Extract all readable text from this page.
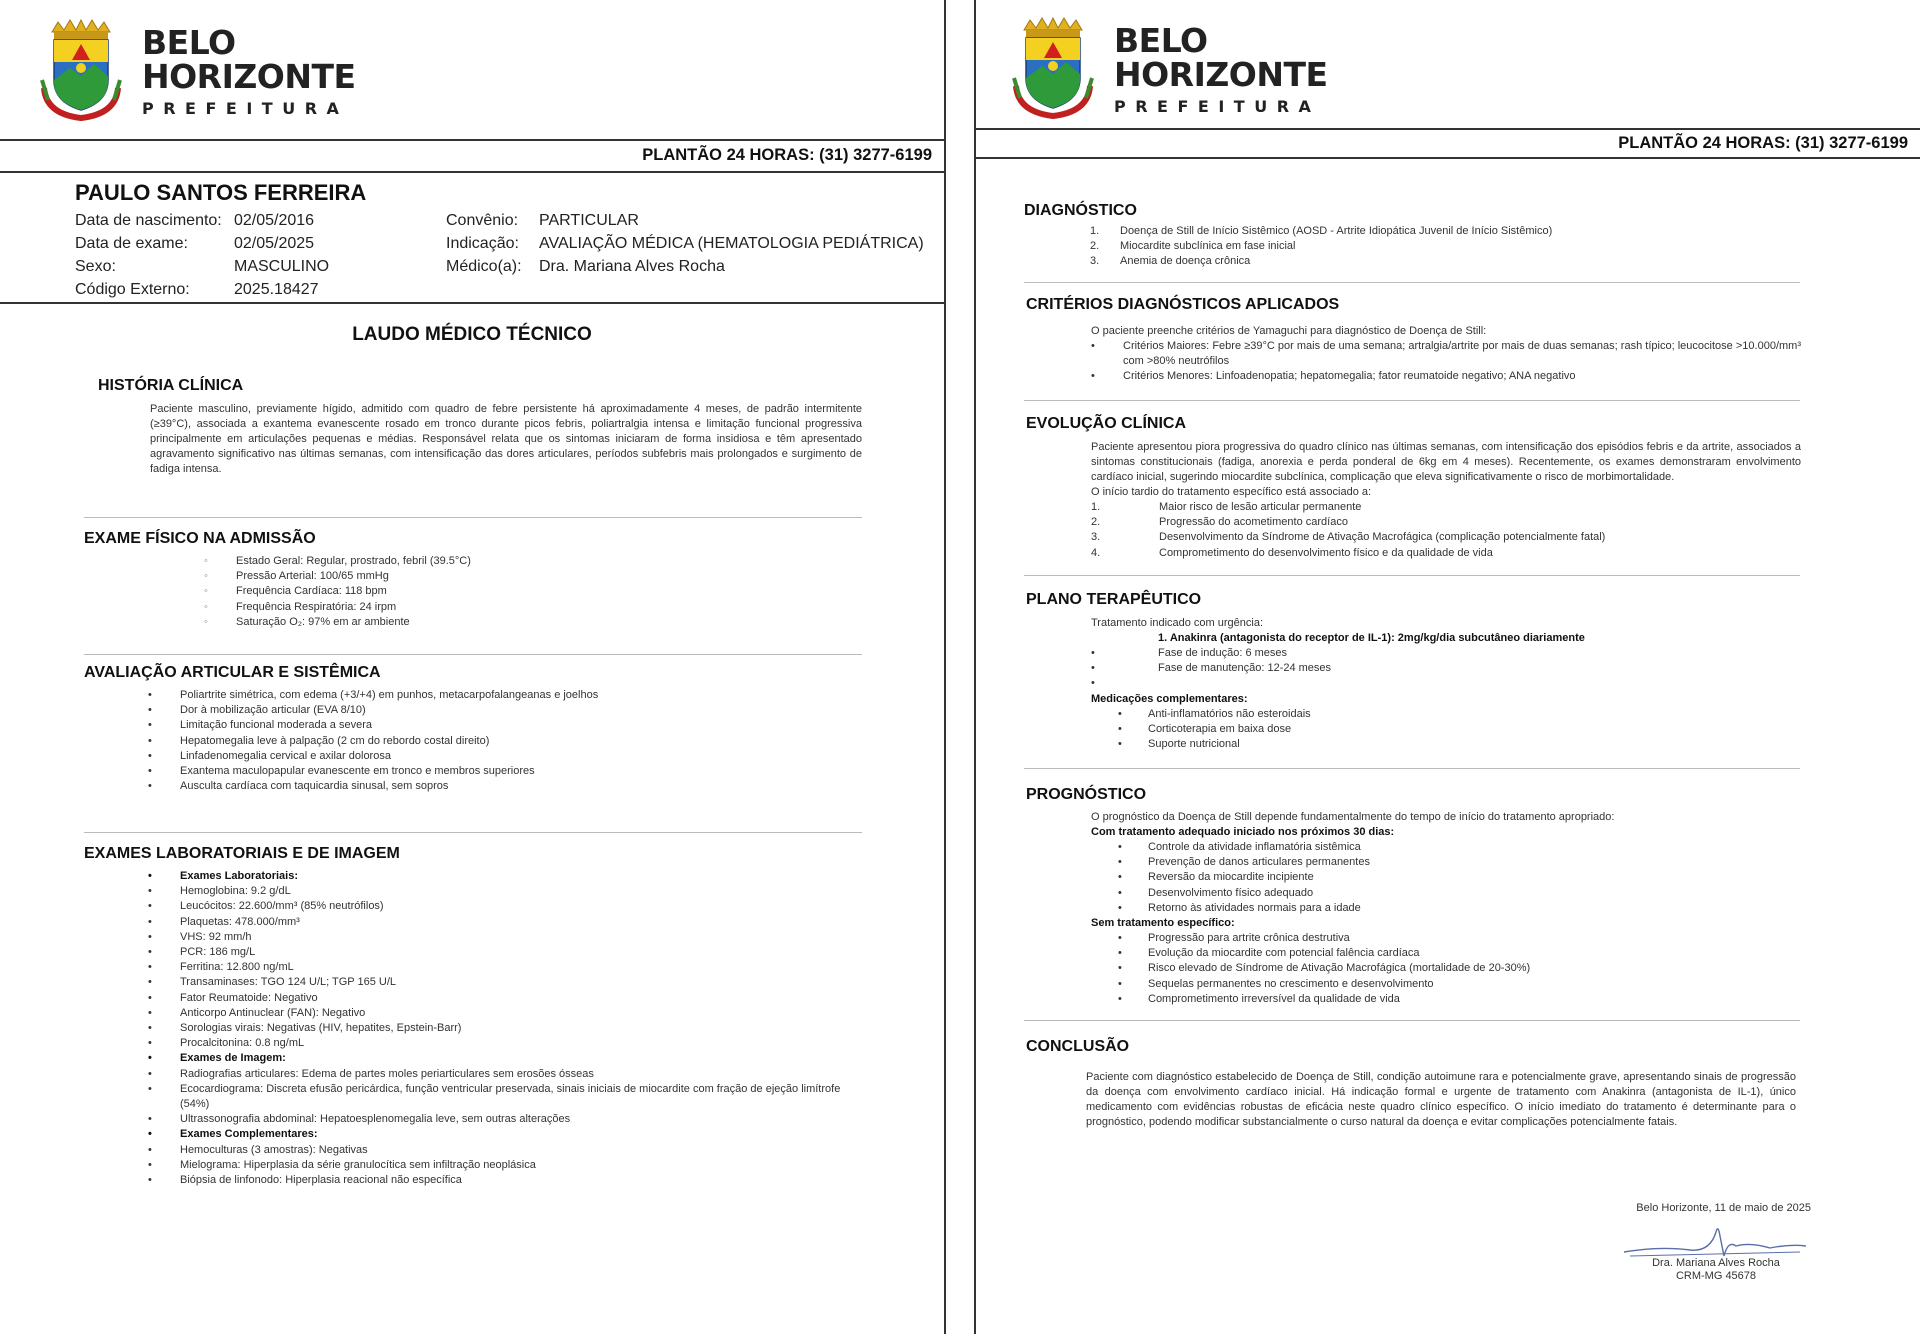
BELO
HORIZONTE
PREFEITURA
PLANTÃO 24 HORAS: (31) 3277-6199
PAULO SANTOS FERREIRA
Data de nascimento: 02/05/2016
Data de exame:	02/05/2025
Sexo:	MASCULINO
Código Externo:	2025.18427
Convênio:	PARTICULAR
Indicação:	AVALIAÇÃO MÉDICA (HEMATOLOGIA PEDIÁTRICA)
Médico(a):	Dra. Mariana Alves Rocha
LAUDO MÉDICO TÉCNICO
HISTÓRIA CLÍNICA
Paciente masculino, previamente hígido, admitido com quadro de febre persistente há aproximadamente 4 meses, de padrão intermitente (≥39°C), associada a exantema evanescente rosado em tronco durante picos febris, poliartralgia intensa e limitação funcional progressiva principalmente em articulações pequenas e médias. Responsável relata que os sintomas iniciaram de forma insidiosa e têm apresentado agravamento significativo nas últimas semanas, com intensificação das dores articulares, períodos subfebris mais prolongados e surgimento de fadiga intensa.
EXAME FÍSICO NA ADMISSÃO
◦ Estado Geral: Regular, prostrado, febril (39.5°C)
◦ Pressão Arterial: 100/65 mmHg
◦ Frequência Cardíaca: 118 bpm
◦ Frequência Respiratória: 24 irpm
◦ Saturação O₂: 97% em ar ambiente
AVALIAÇÃO ARTICULAR E SISTÊMICA
• Poliartrite simétrica, com edema (+3/+4) em punhos, metacarpofalangeanas e joelhos
• Dor à mobilização articular (EVA 8/10)
• Limitação funcional moderada a severa
• Hepatomegalia leve à palpação (2 cm do rebordo costal direito)
• Linfadenomegalia cervical e axilar dolorosa
• Exantema maculopapular evanescente em tronco e membros superiores
• Ausculta cardíaca com taquicardia sinusal, sem sopros
EXAMES LABORATORIAIS E DE IMAGEM
• Exames Laboratoriais:
• Hemoglobina: 9.2 g/dL
• Leucócitos: 22.600/mm³ (85% neutrófilos)
• Plaquetas: 478.000/mm³
• VHS: 92 mm/h
• PCR: 186 mg/L
• Ferritina: 12.800 ng/mL
• Transaminases: TGO 124 U/L; TGP 165 U/L
• Fator Reumatoide: Negativo
• Anticorpo Antinuclear (FAN): Negativo
• Sorologias virais: Negativas (HIV, hepatites, Epstein-Barr)
• Procalcitonina: 0.8 ng/mL
• Exames de Imagem:
• Radiografias articulares: Edema de partes moles periarticulares sem erosões ósseas
• Ecocardiograma: Discreta efusão pericárdica, função ventricular preservada, sinais iniciais de miocardite com fração de ejeção limítrofe (54%)
• Ultrassonografia abdominal: Hepatoesplenomegalia leve, sem outras alterações
• Exames Complementares:
• Hemoculturas (3 amostras): Negativas
• Mielograma: Hiperplasia da série granulocítica sem infiltração neoplásica
• Biópsia de linfonodo: Hiperplasia reacional não específica
BELO
HORIZONTE
PREFEITURA
PLANTÃO 24 HORAS: (31) 3277-6199
DIAGNÓSTICO
1.	Doença de Still de Início Sistêmico (AOSD - Artrite Idiopática Juvenil de Início Sistêmico)
2.	Miocardite subclínica em fase inicial
3.	Anemia de doença crônica
CRITÉRIOS DIAGNÓSTICOS APLICADOS
O paciente preenche critérios de Yamaguchi para diagnóstico de Doença de Still:
• Critérios Maiores: Febre ≥39°C por mais de uma semana; artralgia/artrite por mais de duas semanas; rash típico; leucocitose >10.000/mm³ com >80% neutrófilos
• Critérios Menores: Linfoadenopatia; hepatomegalia; fator reumatoide negativo; ANA negativo
EVOLUÇÃO CLÍNICA
Paciente apresentou piora progressiva do quadro clínico nas últimas semanas, com intensificação dos episódios febris e da artrite, associados a sintomas constitucionais (fadiga, anorexia e perda ponderal de 6kg em 4 meses). Recentemente, os exames demonstraram envolvimento cardíaco inicial, sugerindo miocardite subclínica, complicação que eleva significativamente o risco de morbimortalidade.
O início tardio do tratamento específico está associado a:
1.	Maior risco de lesão articular permanente
2.	Progressão do acometimento cardíaco
3.	Desenvolvimento da Síndrome de Ativação Macrofágica (complicação potencialmente fatal)
4.	Comprometimento do desenvolvimento físico e da qualidade de vida
PLANO TERAPÊUTICO
Tratamento indicado com urgência:
1. Anakinra (antagonista do receptor de IL-1): 2mg/kg/dia subcutâneo diariamente
• Fase de indução: 6 meses
• Fase de manutenção: 12-24 meses
Medicações complementares:
• Anti-inflamatórios não esteroidais
• Corticoterapia em baixa dose
• Suporte nutricional
PROGNÓSTICO
O prognóstico da Doença de Still depende fundamentalmente do tempo de início do tratamento apropriado:
Com tratamento adequado iniciado nos próximos 30 dias:
• Controle da atividade inflamatória sistêmica
• Prevenção de danos articulares permanentes
• Reversão da miocardite incipiente
• Desenvolvimento físico adequado
• Retorno às atividades normais para a idade
Sem tratamento específico:
• Progressão para artrite crônica destrutiva
• Evolução da miocardite com potencial falência cardíaca
• Risco elevado de Síndrome de Ativação Macrofágica (mortalidade de 20-30%)
• Sequelas permanentes no crescimento e desenvolvimento
• Comprometimento irreversível da qualidade de vida
CONCLUSÃO
Paciente com diagnóstico estabelecido de Doença de Still, condição autoimune rara e potencialmente grave, apresentando sinais de progressão da doença com envolvimento cardíaco inicial. Há indicação formal e urgente de tratamento com Anakinra (antagonista de IL-1), único medicamento com evidências robustas de eficácia neste quadro clínico específico. O início imediato do tratamento é determinante para o prognóstico, podendo modificar substancialmente o curso natural da doença e evitar complicações potencialmente fatais.
Belo Horizonte, 11 de maio de 2025
Dra. Mariana Alves Rocha
CRM-MG 45678
